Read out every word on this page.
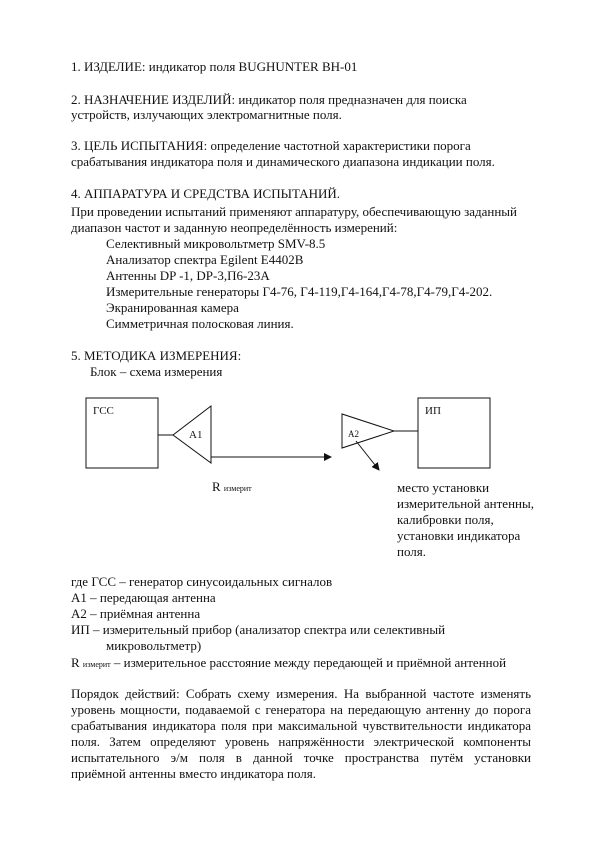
1. ИЗДЕЛИЕ: индикатор поля BUGHUNTER BH-01
2. НАЗНАЧЕНИЕ ИЗДЕЛИЙ: индикатор поля предназначен для поиска
устройств, излучающих электромагнитные поля.
3. ЦЕЛЬ ИСПЫТАНИЯ: определение частотной характеристики порога
срабатывания индикатора поля и динамического диапазона индикации поля.
4. АППАРАТУРА И СРЕДСТВА ИСПЫТАНИЙ.
При проведении испытаний применяют аппаратуру, обеспечивающую заданный
диапазон частот и заданную неопределённость измерений:
Селективный микровольтметр SMV-8.5
Анализатор спектра Egilent E4402B
Антенны DP -1, DP-3,П6-23А
Измерительные генераторы Г4-76, Г4-119,Г4-164,Г4-78,Г4-79,Г4-202.
Экранированная камера
Симметричная полосковая линия.
5. МЕТОДИКА ИЗМЕРЕНИЯ:
Блок – схема измерения
ГСС
А1	А2
ИП
R измерит	место установки
измерительной антенны,
калибровки поля,
установки индикатора
поля.
где ГСС – генератор синусоидальных сигналов
А1 – передающая антенна
А2 – приёмная антенна
ИП – измерительный прибор (анализатор спектра или селективный
микровольтметр)
R измерит – измерительное расстояние между передающей и приёмной антенной
Порядок действий: Собрать схему измерения. На выбранной частоте изменять
уровень мощности, подаваемой с генератора на передающую антенну до порога
срабатывания индикатора поля при максимальной чувствительности индикатора
поля. Затем определяют уровень напряжённости электрической компоненты
испытательного э/м поля в данной точке пространства путём установки
приёмной антенны вместо индикатора поля.
